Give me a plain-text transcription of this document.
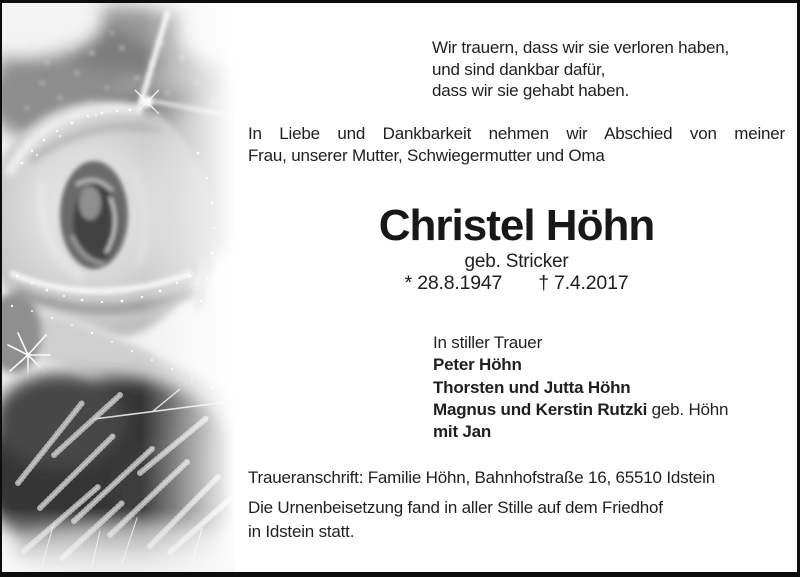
Wir trauern, dass wir sie verloren haben,
und sind dankbar dafür,
dass wir sie gehabt haben.
In Liebe und Dankbarkeit nehmen wir Abschied von meiner
Frau, unserer Mutter, Schwiegermutter und Oma
Christel Höhn
geb. Stricker
* 28.8.1947 † 7.4.2017
In stiller Trauer
Peter Höhn
Thorsten und Jutta Höhn
Magnus und Kerstin Rutzki geb. Höhn
mit Jan
Traueranschrift: Familie Höhn, Bahnhofstraße 16, 65510 Idstein
Die Urnenbeisetzung fand in aller Stille auf dem Friedhof
in Idstein statt.
